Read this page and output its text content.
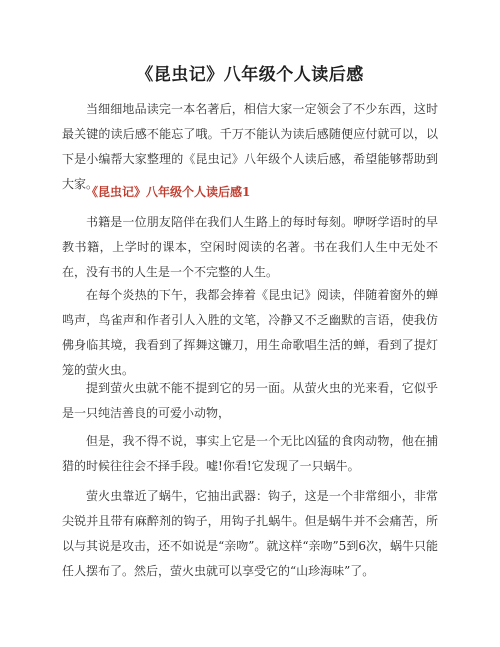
《昆虫记》八年级个人读后感

当细细地品读完一本名著后，相信大家一定领会了不少东西，这时最关键的读后感不能忘了哦。千万不能认为读后感随便应付就可以，以下是小编帮大家整理的《昆虫记》八年级个人读后感，希望能够帮助到大家。

《昆虫记》八年级个人读后感1

书籍是一位朋友陪伴在我们人生路上的每时每刻。咿呀学语时的早教书籍，上学时的课本，空闲时阅读的名著。书在我们人生中无处不在，没有书的人生是一个不完整的人生。

在每个炎热的下午，我都会捧着《昆虫记》阅读，伴随着窗外的蝉鸣声，鸟雀声和作者引人入胜的文笔，冷静又不乏幽默的言语，使我仿佛身临其境，我看到了挥舞这镰刀，用生命歌唱生活的蝉，看到了提灯笼的萤火虫。

提到萤火虫就不能不提到它的另一面。从萤火虫的光来看，它似乎是一只纯洁善良的可爱小动物，

但是，我不得不说，事实上它是一个无比凶猛的食肉动物，他在捕猎的时候往往会不择手段。嘘!你看!它发现了一只蜗牛。

萤火虫靠近了蜗牛，它抽出武器：钩子，这是一个非常细小，非常尖锐并且带有麻醉剂的钩子，用钩子扎蜗牛。但是蜗牛并不会痛苦，所以与其说是攻击，还不如说是“亲吻”。就这样“亲吻”5到6次，蜗牛只能任人摆布了。然后，萤火虫就可以享受它的“山珍海味”了。
